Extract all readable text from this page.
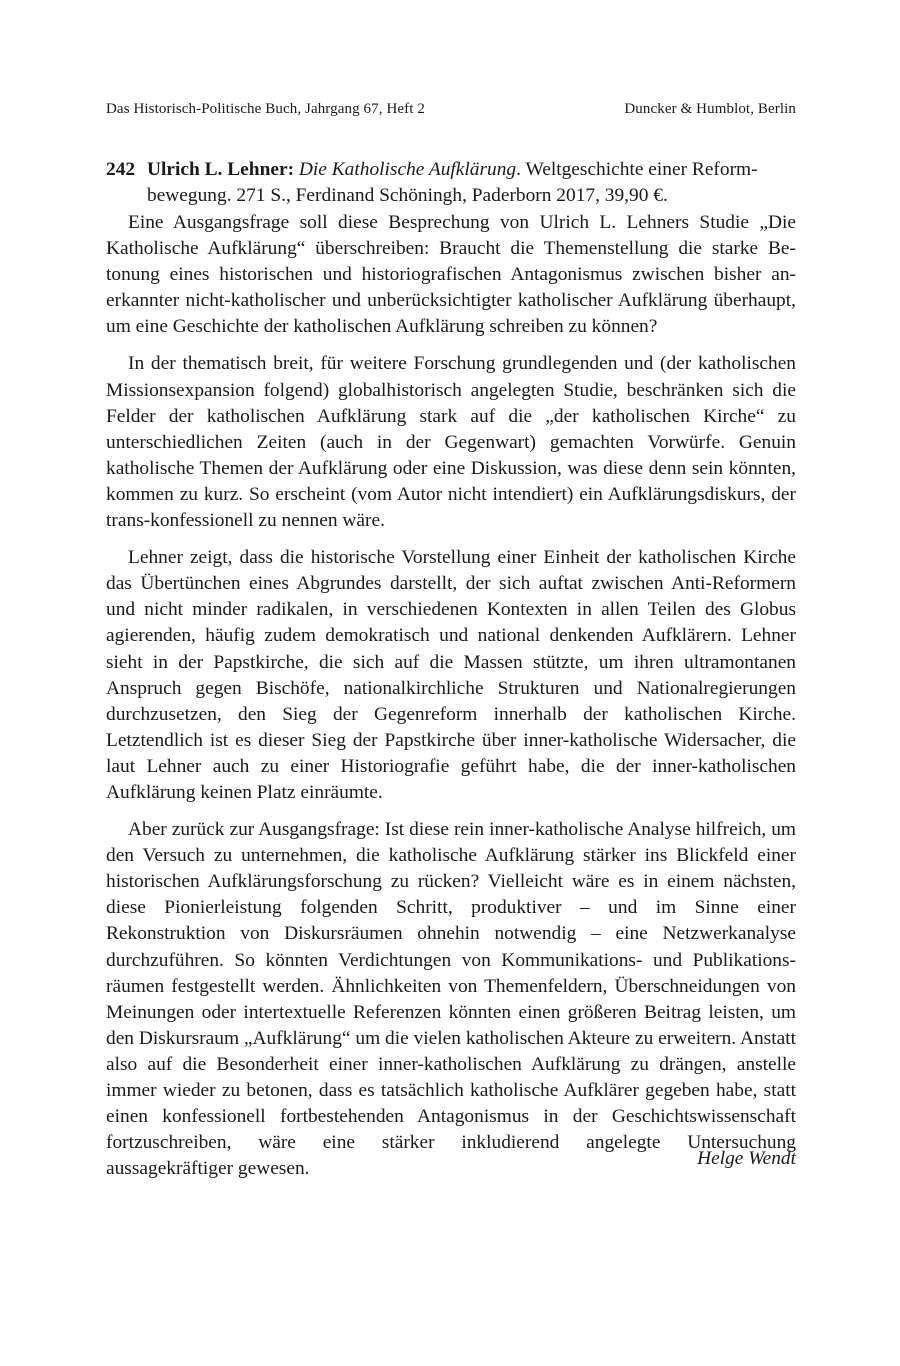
Das Historisch-Politische Buch, Jahrgang 67, Heft 2	Duncker & Humblot, Berlin
242 Ulrich L. Lehner: Die Katholische Aufklärung. Weltgeschichte einer Reform-
bewegung. 271 S., Ferdinand Schöningh, Paderborn 2017, 39,90 €.

Eine Ausgangsfrage soll diese Besprechung von Ulrich L. Lehners Studie „Die Katholische Aufklärung“ überschreiben: Braucht die Themenstellung die starke Betonung eines historischen und historiografischen Antagonismus zwischen bisher anerkannter nicht-katholischer und unberücksichtigter katholischer Aufklärung überhaupt, um eine Geschichte der katholischen Aufklärung schreiben zu können?

In der thematisch breit, für weitere Forschung grundlegenden und (der katholischen Missionsexpansion folgend) globalhistorisch angelegten Studie, beschränken sich die Felder der katholischen Aufklärung stark auf die „der katholischen Kirche“ zu unterschiedlichen Zeiten (auch in der Gegenwart) gemachten Vorwürfe. Genuin katholische Themen der Aufklärung oder eine Diskussion, was diese denn sein könnten, kommen zu kurz. So erscheint (vom Autor nicht intendiert) ein Aufklärungsdiskurs, der trans-konfessionell zu nennen wäre.

Lehner zeigt, dass die historische Vorstellung einer Einheit der katholischen Kirche das Übertünchen eines Abgrundes darstellt, der sich auftat zwischen Anti-Reformern und nicht minder radikalen, in verschiedenen Kontexten in allen Teilen des Globus agierenden, häufig zudem demokratisch und national denkenden Aufklärern. Lehner sieht in der Papstkirche, die sich auf die Massen stützte, um ihren ultramontanen Anspruch gegen Bischöfe, nationalkirchliche Strukturen und Nationalregierungen durchzusetzen, den Sieg der Gegenreform innerhalb der katholischen Kirche. Letztendlich ist es dieser Sieg der Papstkirche über inner-katholische Widersacher, die laut Lehner auch zu einer Historiografie geführt habe, die der inner-katholischen Aufklärung keinen Platz einräumte.

Aber zurück zur Ausgangsfrage: Ist diese rein inner-katholische Analyse hilfreich, um den Versuch zu unternehmen, die katholische Aufklärung stärker ins Blickfeld einer historischen Aufklärungsforschung zu rücken? Vielleicht wäre es in einem nächsten, diese Pionierleistung folgenden Schritt, produktiver – und im Sinne einer Rekonstruktion von Diskursräumen ohnehin notwendig – eine Netzwerkanalyse durchzuführen. So könnten Verdichtungen von Kommunikations- und Publikationsräumen festgestellt werden. Ähnlichkeiten von Themenfeldern, Überschneidungen von Meinungen oder intertextuelle Referenzen könnten einen größeren Beitrag leisten, um den Diskursraum „Aufklärung“ um die vielen katholischen Akteure zu erweitern. Anstatt also auf die Besonderheit einer inner-katholischen Aufklärung zu drängen, anstelle immer wieder zu betonen, dass es tatsächlich katholische Aufklärer gegeben habe, statt einen konfessionell fortbestehenden Antagonismus in der Geschichtswissenschaft fortzuschreiben, wäre eine stärker inkludierend angelegte Untersuchung aussagekräftiger gewesen.	Helge Wendt
